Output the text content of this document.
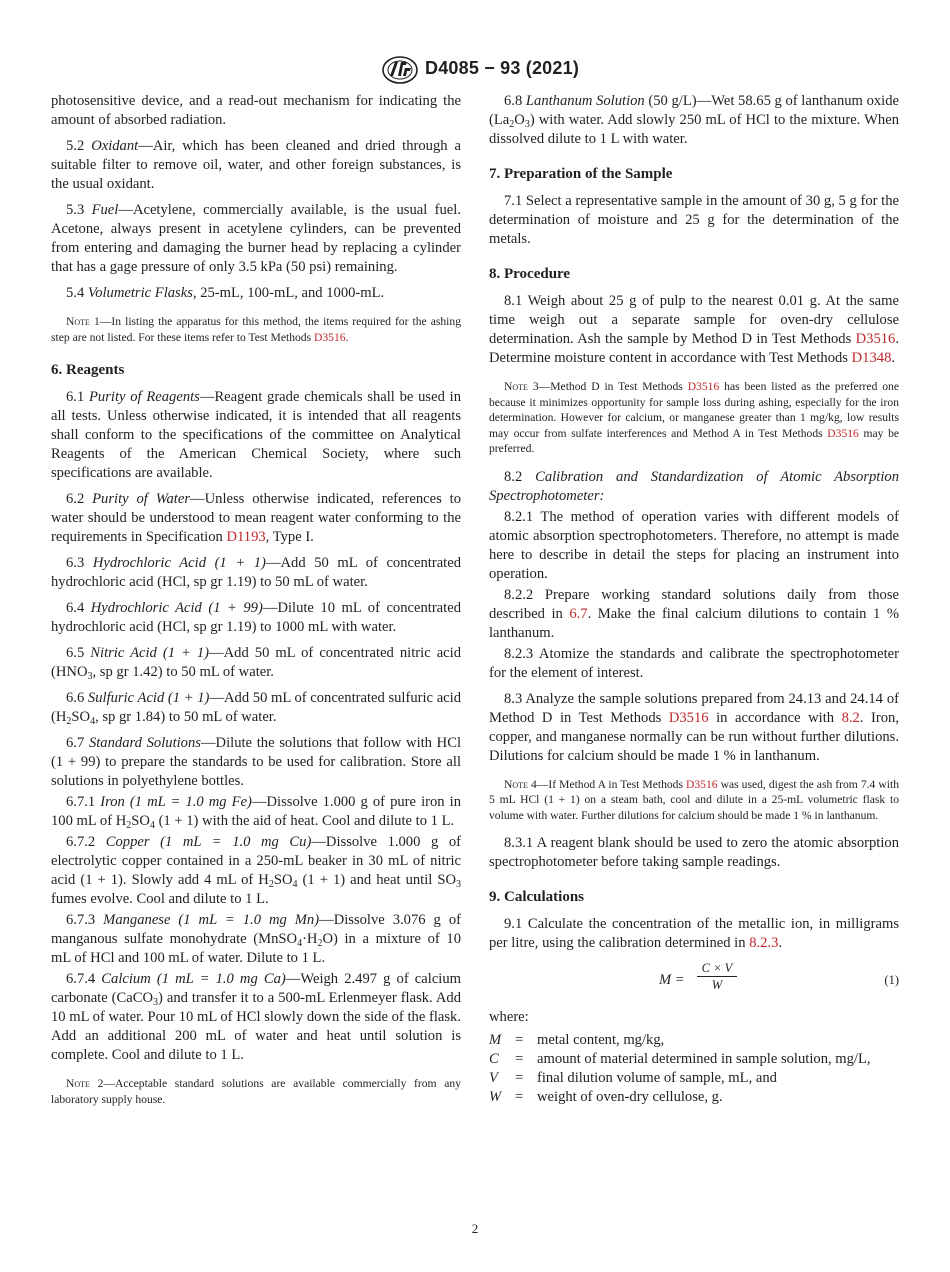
D4085 − 93 (2021)

photosensitive device, and a read-out mechanism for indicating the amount of absorbed radiation.

5.2 Oxidant—Air, which has been cleaned and dried through a suitable filter to remove oil, water, and other foreign substances, is the usual oxidant.

5.3 Fuel—Acetylene, commercially available, is the usual fuel. Acetone, always present in acetylene cylinders, can be prevented from entering and damaging the burner head by replacing a cylinder that has a gage pressure of only 3.5 kPa (50 psi) remaining.

5.4 Volumetric Flasks, 25-mL, 100-mL, and 1000-mL.

Note 1—In listing the apparatus for this method, the items required for the ashing step are not listed. For these items refer to Test Methods D3516.
6. Reagents

6.1 Purity of Reagents—Reagent grade chemicals shall be used in all tests. Unless otherwise indicated, it is intended that all reagents shall conform to the specifications of the committee on Analytical Reagents of the American Chemical Society, where such specifications are available.

6.2 Purity of Water—Unless otherwise indicated, references to water should be understood to mean reagent water conforming to the requirements in Specification D1193, Type I.

6.3 Hydrochloric Acid (1 + 1)—Add 50 mL of concentrated hydrochloric acid (HCl, sp gr 1.19) to 50 mL of water.

6.4 Hydrochloric Acid (1 + 99)—Dilute 10 mL of concentrated hydrochloric acid (HCl, sp gr 1.19) to 1000 mL with water.

6.5 Nitric Acid (1 + 1)—Add 50 mL of concentrated nitric acid ($HNO_3$, sp gr 1.42) to 50 mL of water.

6.6 Sulfuric Acid (1 + 1)—Add 50 mL of concentrated sulfuric acid ($H_2SO_4$, sp gr 1.84) to 50 mL of water.

6.7 Standard Solutions—Dilute the solutions that follow with HCl (1 + 99) to prepare the standards to be used for calibration. Store all solutions in polyethylene bottles.

6.7.1 Iron (1 mL = 1.0 mg Fe)—Dissolve 1.000 g of pure iron in 100 mL of $H_2SO_4$ (1 + 1) with the aid of heat. Cool and dilute to 1 L.

6.7.2 Copper (1 mL = 1.0 mg Cu)—Dissolve 1.000 g of electrolytic copper contained in a 250-mL beaker in 30 mL of nitric acid (1 + 1). Slowly add 4 mL of $H_2SO_4$ (1 + 1) and heat until $SO_3$ fumes evolve. Cool and dilute to 1 L.

6.7.3 Manganese (1 mL = 1.0 mg Mn)—Dissolve 3.076 g of manganous sulfate monohydrate $(MnSO_4\cdot H_2O)$ in a mixture of 10 mL of HCl and 100 mL of water. Dilute to 1 L.

6.7.4 Calcium (1 mL = 1.0 mg Ca)—Weigh 2.497 g of calcium carbonate (CaCO$_3$) and transfer it to a 500-mL Erlenmeyer flask. Add 10 mL of water. Pour 10 mL of HCl slowly down the side of the flask. Add an additional 200 mL of water and heat until solution is complete. Cool and dilute to 1 L.

Note 2—Acceptable standard solutions are available commercially from any laboratory supply house.

6.8 Lanthanum Solution (50 g/L)—Wet 58.65 g of lanthanum oxide $(La_2O_3)$ with water. Add slowly 250 mL of HCl to the mixture. When dissolved dilute to 1 L with water.

7. Preparation of the Sample

7.1 Select a representative sample in the amount of 30 g, 5 g for the determination of moisture and 25 g for the determination of the metals.

8. Procedure

8.1 Weigh about 25 g of pulp to the nearest 0.01 g. At the same time weigh out a separate sample for oven-dry cellulose determination. Ash the sample by Method D in Test Methods D3516. Determine moisture content in accordance with Test Methods D1348.

Note 3—Method D in Test Methods D3516 has been listed as the preferred one because it minimizes opportunity for sample loss during ashing, especially for the iron determination. However for calcium, or manganese greater than 1 mg/kg, low results may occur from sulfate interferences and Method A in Test Methods D3516 may be preferred.

8.2 Calibration and Standardization of Atomic Absorption Spectrophotometer:

8.2.1 The method of operation varies with different models of atomic absorption spectrophotometers. Therefore, no attempt is made here to describe in detail the steps for placing an instrument into operation.

8.2.2 Prepare working standard solutions daily from those described in 6.7. Make the final calcium dilutions to contain 1 % lanthanum.

8.2.3 Atomize the standards and calibrate the spectrophotometer for the element of interest.

8.3 Analyze the sample solutions prepared from 24.13 and 24.14 of Method D in Test Methods D3516 in accordance with 8.2. Iron, copper, and manganese normally can be run without further dilutions. Dilutions for calcium should be made 1 % in lanthanum.

Note 4—If Method A in Test Methods D3516 was used, digest the ash from 7.4 with 5 mL HCl (1 + 1) on a steam bath, cool and dilute in a 25-mL volumetric flask to volume with water. Further dilutions for calcium should be made 1 % in lanthanum.

8.3.1 A reagent blank should be used to zero the atomic absorption spectrophotometer before taking sample readings.

9. Calculations

9.1 Calculate the concentration of the metallic ion, in milligrams per litre, using the calibration determined in 8.2.3.

$M = \frac{C \times V}{W}$	(1)
where:
M = metal content, mg/kg,
C	= amount of material determined in sample solution, mg/L,
V	= final dilution volume of sample, mL, and
W = weight of oven-dry cellulose, g.
2
